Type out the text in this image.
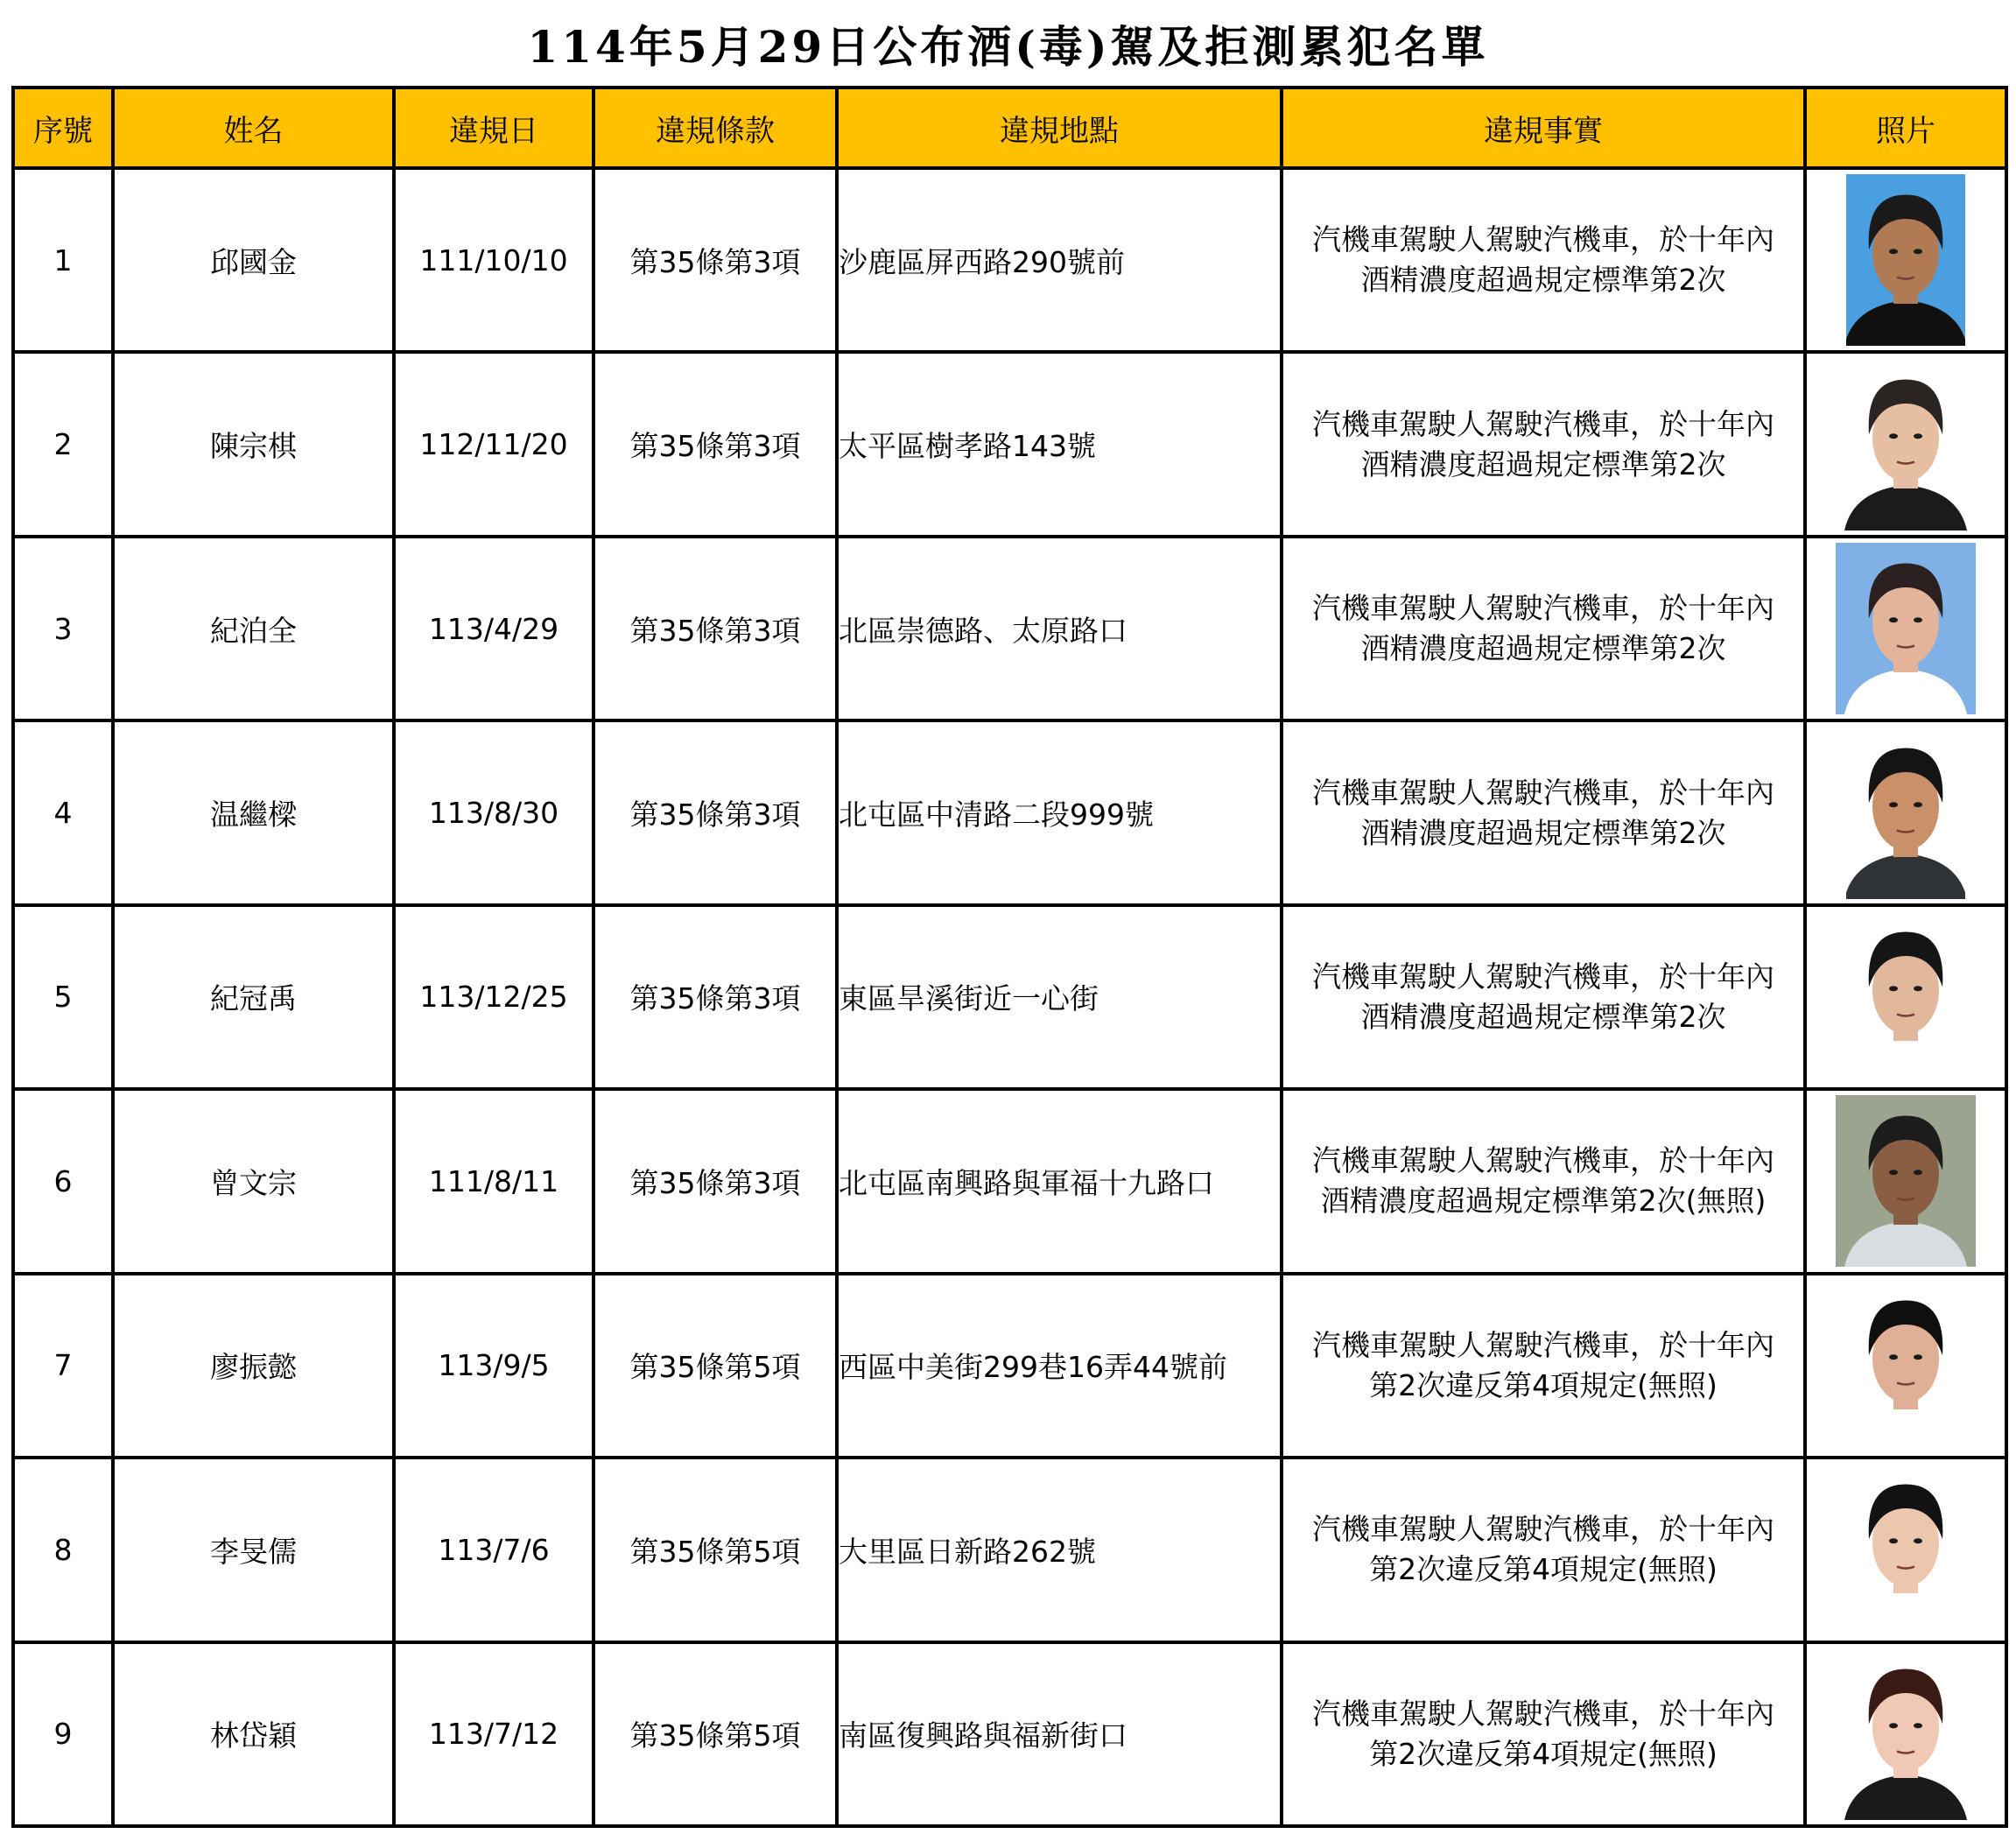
114年5月29日公布酒(毒)駕及拒測累犯名單
序號	姓名	違規日	違規條款	違規地點	違規事實	照片
1	邱國金	111/10/10	第35條第3項	沙鹿區屏西路290號前	汽機車駕駛人駕駛汽機車，於十年內
酒精濃度超過規定標準第2次

2	陳宗棋	112/11/20	第35條第3項	太平區樹孝路143號	汽機車駕駛人駕駛汽機車，於十年內
酒精濃度超過規定標準第2次

3	紀泊全	113/4/29	第35條第3項	北區崇德路、太原路口	汽機車駕駛人駕駛汽機車，於十年內
酒精濃度超過規定標準第2次

4	温繼樑	113/8/30	第35條第3項	北屯區中清路二段999號	汽機車駕駛人駕駛汽機車，於十年內
酒精濃度超過規定標準第2次

5	紀冠禹	113/12/25	第35條第3項	東區旱溪街近一心街	汽機車駕駛人駕駛汽機車，於十年內
酒精濃度超過規定標準第2次

6	曾文宗	111/8/11	第35條第3項	北屯區南興路與軍福十九路口	汽機車駕駛人駕駛汽機車，於十年內
酒精濃度超過規定標準第2次(無照)

7	廖振懿	113/9/5	第35條第5項	西區中美街299巷16弄44號前	汽機車駕駛人駕駛汽機車，於十年內
第2次違反第4項規定(無照)

8	李旻儒	113/7/6	第35條第5項	大里區日新路262號	汽機車駕駛人駕駛汽機車，於十年內
第2次違反第4項規定(無照)

9	林岱穎	113/7/12	第35條第5項	南區復興路與福新街口	汽機車駕駛人駕駛汽機車，於十年內
第2次違反第4項規定(無照)
